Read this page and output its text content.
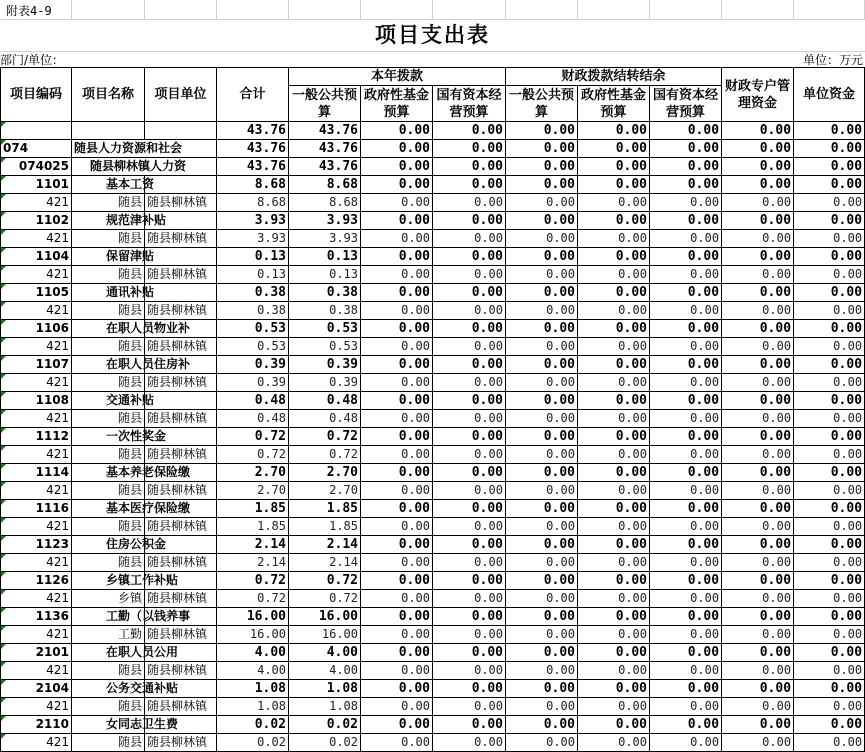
附表4-9
项目支出表
部门/单位：	单位：万元
项目编码	项目名称	项目单位	合计	本年拨款			财政拨款结转结余			财政专户管理资金	单位资金
				一般公共预算	政府性基金预算	国有资本经营预算	一般公共预算	政府性基金预算	国有资本经营预算		
			43.76	43.76	0.00	0.00	0.00	0.00	0.00	0.00	0.00
074	随县人力资源和社会		43.76	43.76	0.00	0.00	0.00	0.00	0.00	0.00	0.00
074025	随县柳林镇人力资		43.76	43.76	0.00	0.00	0.00	0.00	0.00	0.00	0.00
1101	基本工资		8.68	8.68	0.00	0.00	0.00	0.00	0.00	0.00	0.00
421	随县	随县柳林镇	8.68	8.68	0.00	0.00	0.00	0.00	0.00	0.00	0.00
1102	规范津补贴		3.93	3.93	0.00	0.00	0.00	0.00	0.00	0.00	0.00
421	随县	随县柳林镇	3.93	3.93	0.00	0.00	0.00	0.00	0.00	0.00	0.00
1104	保留津贴		0.13	0.13	0.00	0.00	0.00	0.00	0.00	0.00	0.00
421	随县	随县柳林镇	0.13	0.13	0.00	0.00	0.00	0.00	0.00	0.00	0.00
1105	通讯补贴		0.38	0.38	0.00	0.00	0.00	0.00	0.00	0.00	0.00
421	随县	随县柳林镇	0.38	0.38	0.00	0.00	0.00	0.00	0.00	0.00	0.00
1106	在职人员物业补		0.53	0.53	0.00	0.00	0.00	0.00	0.00	0.00	0.00
421	随县	随县柳林镇	0.53	0.53	0.00	0.00	0.00	0.00	0.00	0.00	0.00
1107	在职人员住房补		0.39	0.39	0.00	0.00	0.00	0.00	0.00	0.00	0.00
421	随县	随县柳林镇	0.39	0.39	0.00	0.00	0.00	0.00	0.00	0.00	0.00
1108	交通补贴		0.48	0.48	0.00	0.00	0.00	0.00	0.00	0.00	0.00
421	随县	随县柳林镇	0.48	0.48	0.00	0.00	0.00	0.00	0.00	0.00	0.00
1112	一次性奖金		0.72	0.72	0.00	0.00	0.00	0.00	0.00	0.00	0.00
421	随县	随县柳林镇	0.72	0.72	0.00	0.00	0.00	0.00	0.00	0.00	0.00
1114	基本养老保险缴		2.70	2.70	0.00	0.00	0.00	0.00	0.00	0.00	0.00
421	随县	随县柳林镇	2.70	2.70	0.00	0.00	0.00	0.00	0.00	0.00	0.00
1116	基本医疗保险缴		1.85	1.85	0.00	0.00	0.00	0.00	0.00	0.00	0.00
421	随县	随县柳林镇	1.85	1.85	0.00	0.00	0.00	0.00	0.00	0.00	0.00
1123	住房公积金		2.14	2.14	0.00	0.00	0.00	0.00	0.00	0.00	0.00
421	随县	随县柳林镇	2.14	2.14	0.00	0.00	0.00	0.00	0.00	0.00	0.00
1126	乡镇工作补贴		0.72	0.72	0.00	0.00	0.00	0.00	0.00	0.00	0.00
421	乡镇	随县柳林镇	0.72	0.72	0.00	0.00	0.00	0.00	0.00	0.00	0.00
1136	工勤（以钱养事		16.00	16.00	0.00	0.00	0.00	0.00	0.00	0.00	0.00
421	工勤	随县柳林镇	16.00	16.00	0.00	0.00	0.00	0.00	0.00	0.00	0.00
2101	在职人员公用		4.00	4.00	0.00	0.00	0.00	0.00	0.00	0.00	0.00
421	随县	随县柳林镇	4.00	4.00	0.00	0.00	0.00	0.00	0.00	0.00	0.00
2104	公务交通补贴		1.08	1.08	0.00	0.00	0.00	0.00	0.00	0.00	0.00
421	随县	随县柳林镇	1.08	1.08	0.00	0.00	0.00	0.00	0.00	0.00	0.00
2110	女同志卫生费		0.02	0.02	0.00	0.00	0.00	0.00	0.00	0.00	0.00
421	随县	随县柳林镇	0.02	0.02	0.00	0.00	0.00	0.00	0.00	0.00	0.00
